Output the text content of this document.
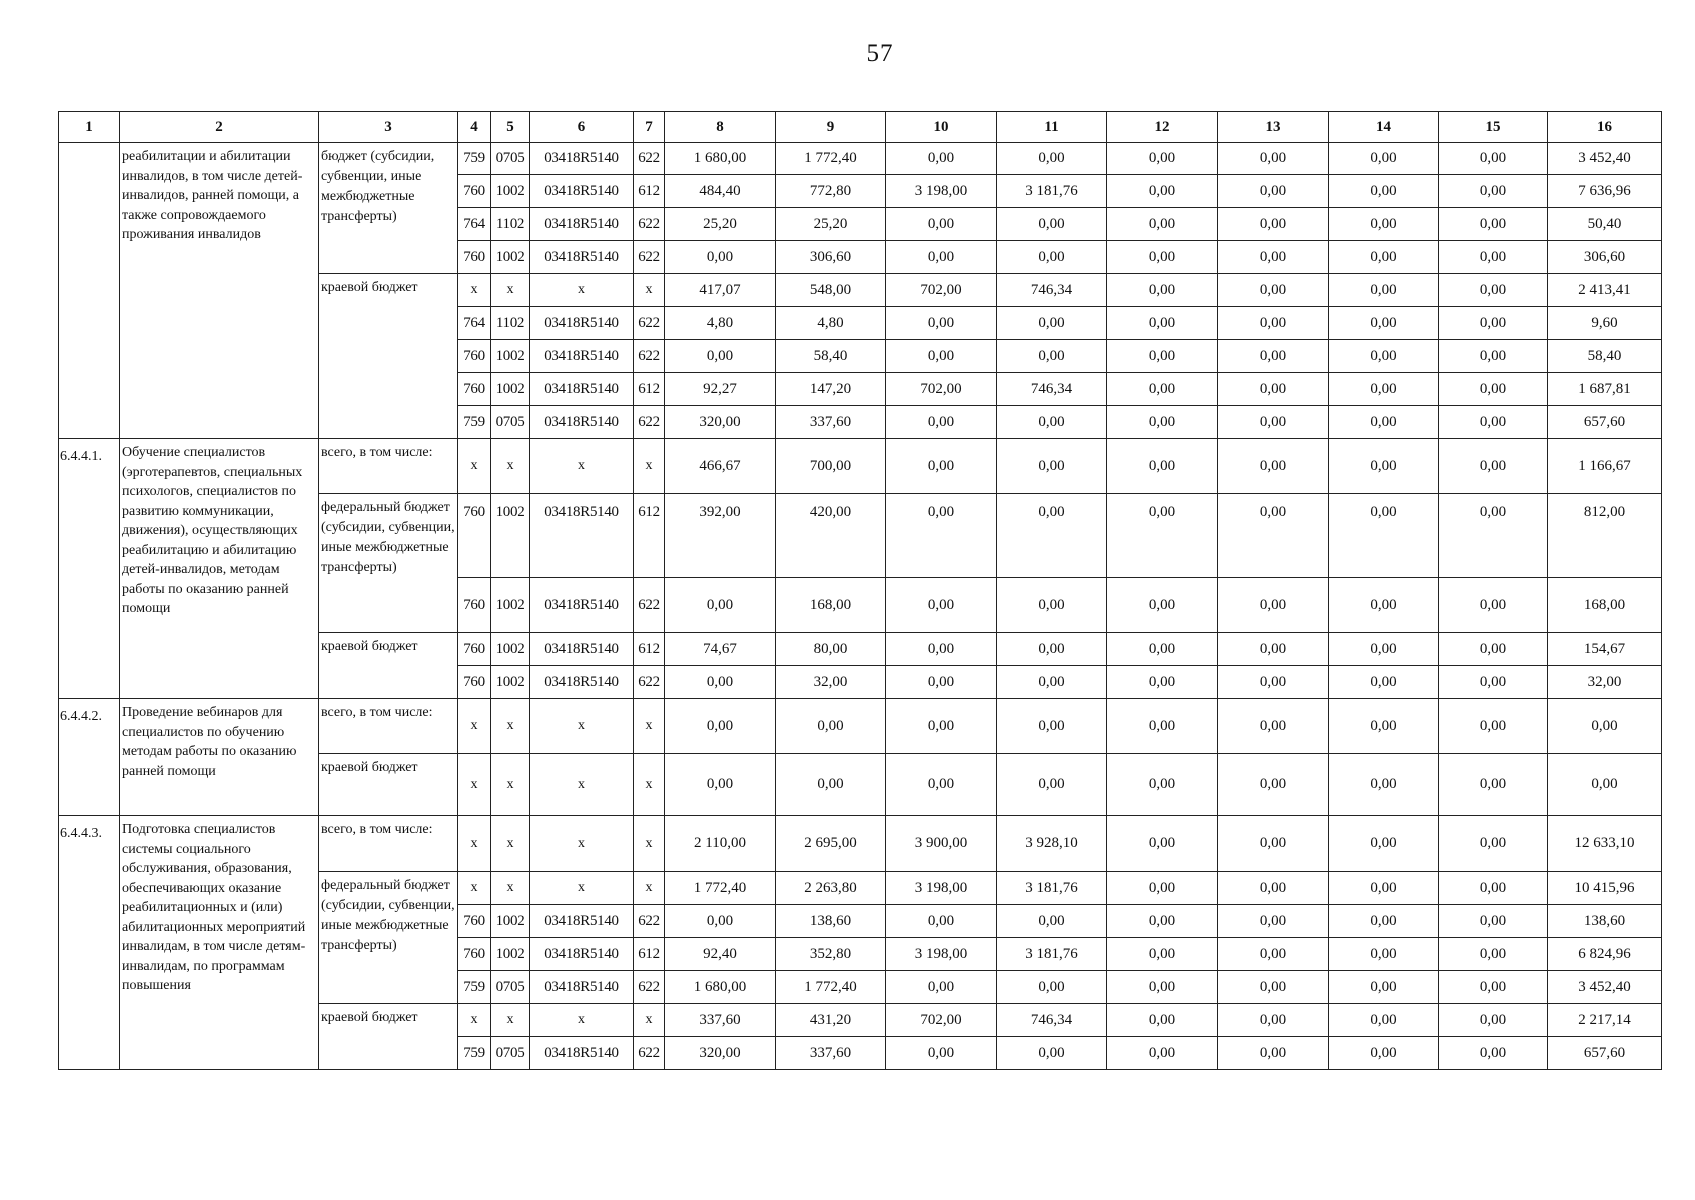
57
1	2	3	4	5	6	7	8	9	10	11	12	13	14	15	16
	реабилитации и абилитации инвалидов, в том числе детей-инвалидов, ранней помощи, а также сопровождаемого проживания инвалидов	бюджет (субсидии, субвенции, иные межбюджетные трансферты)	759	0705	03418R5140	622	1 680,00	1 772,40	0,00	0,00	0,00	0,00	0,00	0,00	3 452,40
			760	1002	03418R5140	612	484,40	772,80	3 198,00	3 181,76	0,00	0,00	0,00	0,00	7 636,96
			764	1102	03418R5140	622	25,20	25,20	0,00	0,00	0,00	0,00	0,00	0,00	50,40
			760	1002	03418R5140	622	0,00	306,60	0,00	0,00	0,00	0,00	0,00	0,00	306,60
		краевой бюджет	x	x	x	x	417,07	548,00	702,00	746,34	0,00	0,00	0,00	0,00	2 413,41
			764	1102	03418R5140	622	4,80	4,80	0,00	0,00	0,00	0,00	0,00	0,00	9,60
			760	1002	03418R5140	622	0,00	58,40	0,00	0,00	0,00	0,00	0,00	0,00	58,40
			760	1002	03418R5140	612	92,27	147,20	702,00	746,34	0,00	0,00	0,00	0,00	1 687,81
			759	0705	03418R5140	622	320,00	337,60	0,00	0,00	0,00	0,00	0,00	0,00	657,60
6.4.4.1.	Обучение специалистов (эрготерапевтов, специальных психологов, специалистов по развитию коммуникации, движения), осуществляющих реабилитацию и абилитацию детей-инвалидов, методам работы по оказанию ранней помощи	всего, в том числе:	x	x	x	x	466,67	700,00	0,00	0,00	0,00	0,00	0,00	0,00	1 166,67
		федеральный бюджет (субсидии, субвенции, иные межбюджетные трансферты)	760	1002	03418R5140	612	392,00	420,00	0,00	0,00	0,00	0,00	0,00	0,00	812,00
			760	1002	03418R5140	622	0,00	168,00	0,00	0,00	0,00	0,00	0,00	0,00	168,00
		краевой бюджет	760	1002	03418R5140	612	74,67	80,00	0,00	0,00	0,00	0,00	0,00	0,00	154,67
			760	1002	03418R5140	622	0,00	32,00	0,00	0,00	0,00	0,00	0,00	0,00	32,00
6.4.4.2.	Проведение вебинаров для специалистов по обучению методам работы по оказанию ранней помощи	всего, в том числе:	x	x	x	x	0,00	0,00	0,00	0,00	0,00	0,00	0,00	0,00	0,00
		краевой бюджет	x	x	x	x	0,00	0,00	0,00	0,00	0,00	0,00	0,00	0,00	0,00
6.4.4.3.	Подготовка специалистов системы социального обслуживания, образования, обеспечивающих оказание реабилитационных и (или) абилитационных мероприятий инвалидам, в том числе детям-инвалидам, по программам повышения	всего, в том числе:	x	x	x	x	2 110,00	2 695,00	3 900,00	3 928,10	0,00	0,00	0,00	0,00	12 633,10
		федеральный бюджет (субсидии, субвенции, иные межбюджетные трансферты)	x	x	x	x	1 772,40	2 263,80	3 198,00	3 181,76	0,00	0,00	0,00	0,00	10 415,96
			760	1002	03418R5140	622	0,00	138,60	0,00	0,00	0,00	0,00	0,00	0,00	138,60
			760	1002	03418R5140	612	92,40	352,80	3 198,00	3 181,76	0,00	0,00	0,00	0,00	6 824,96
			759	0705	03418R5140	622	1 680,00	1 772,40	0,00	0,00	0,00	0,00	0,00	0,00	3 452,40
		краевой бюджет	x	x	x	x	337,60	431,20	702,00	746,34	0,00	0,00	0,00	0,00	2 217,14
			759	0705	03418R5140	622	320,00	337,60	0,00	0,00	0,00	0,00	0,00	0,00	657,60
